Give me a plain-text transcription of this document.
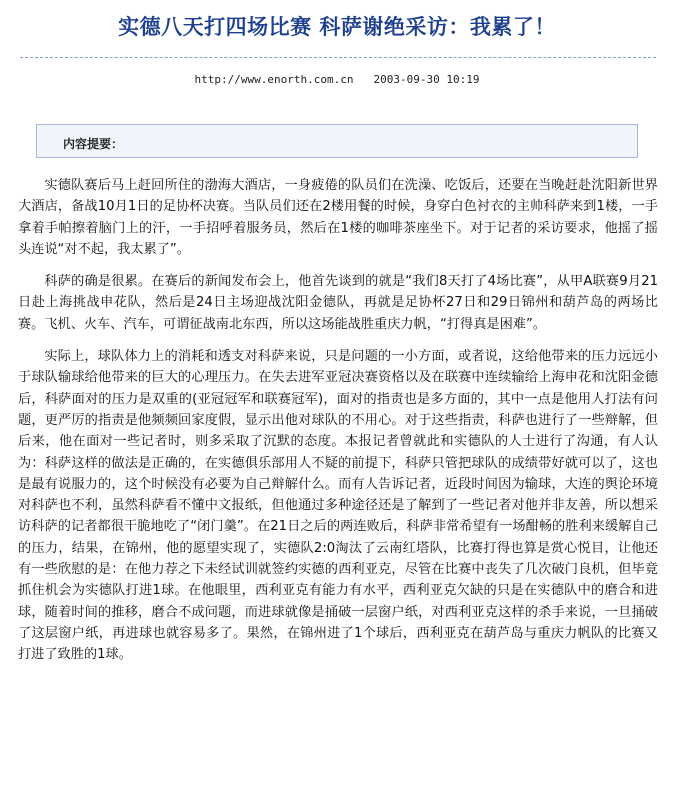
实德八天打四场比赛 科萨谢绝采访：我累了！
http://www.enorth.com.cn 2003-09-30 10:19
内容提要：

实德队赛后马上赶回所住的渤海大酒店，一身疲倦的队员们在洗澡、吃饭后，还要在当晚赶赴沈阳新世界大酒店，备战10月1日的足协杯决赛。当队员们还在2楼用餐的时候，身穿白色衬衣的主帅科萨来到1楼，一手拿着手帕擦着脑门上的汗，一手招呼着服务员，然后在1楼的咖啡茶座坐下。对于记者的采访要求，他摇了摇头连说“对不起，我太累了”。

科萨的确是很累。在赛后的新闻发布会上，他首先谈到的就是“我们8天打了4场比赛”，从甲A联赛9月21日赴上海挑战申花队，然后是24日主场迎战沈阳金德队，再就是足协杯27日和29日锦州和葫芦岛的两场比赛。飞机、火车、汽车，可谓征战南北东西，所以这场能战胜重庆力帆，“打得真是困难”。

实际上，球队体力上的消耗和透支对科萨来说，只是问题的一小方面，或者说，这给他带来的压力远远小于球队输球给他带来的巨大的心理压力。在失去进军亚冠决赛资格以及在联赛中连续输给上海申花和沈阳金德后，科萨面对的压力是双重的(亚冠冠军和联赛冠军)，面对的指责也是多方面的，其中一点是他用人打法有问题，更严厉的指责是他频频回家度假，显示出他对球队的不用心。对于这些指责，科萨也进行了一些辩解，但后来，他在面对一些记者时，则多采取了沉默的态度。本报记者曾就此和实德队的人士进行了沟通，有人认为：科萨这样的做法是正确的，在实德俱乐部用人不疑的前提下，科萨只管把球队的成绩带好就可以了，这也是最有说服力的，这个时候没有必要为自己辩解什么。而有人告诉记者，近段时间因为输球，大连的舆论环境对科萨也不利，虽然科萨看不懂中文报纸，但他通过多种途径还是了解到了一些记者对他并非友善，所以想采访科萨的记者都很干脆地吃了“闭门羹”。在21日之后的两连败后，科萨非常希望有一场酣畅的胜利来缓解自己的压力，结果，在锦州，他的愿望实现了，实德队2:0淘汰了云南红塔队，比赛打得也算是赏心悦目，让他还有一些欣慰的是：在他力荐之下未经试训就签约实德的西利亚克，尽管在比赛中丧失了几次破门良机，但毕竟抓住机会为实德队打进1球。在他眼里，西利亚克有能力有水平，西利亚克欠缺的只是在实德队中的磨合和进球，随着时间的推移，磨合不成问题，而进球就像是捅破一层窗户纸，对西利亚克这样的杀手来说，一旦捅破了这层窗户纸，再进球也就容易多了。果然，在锦州进了1个球后，西利亚克在葫芦岛与重庆力帆队的比赛又打进了致胜的1球。
